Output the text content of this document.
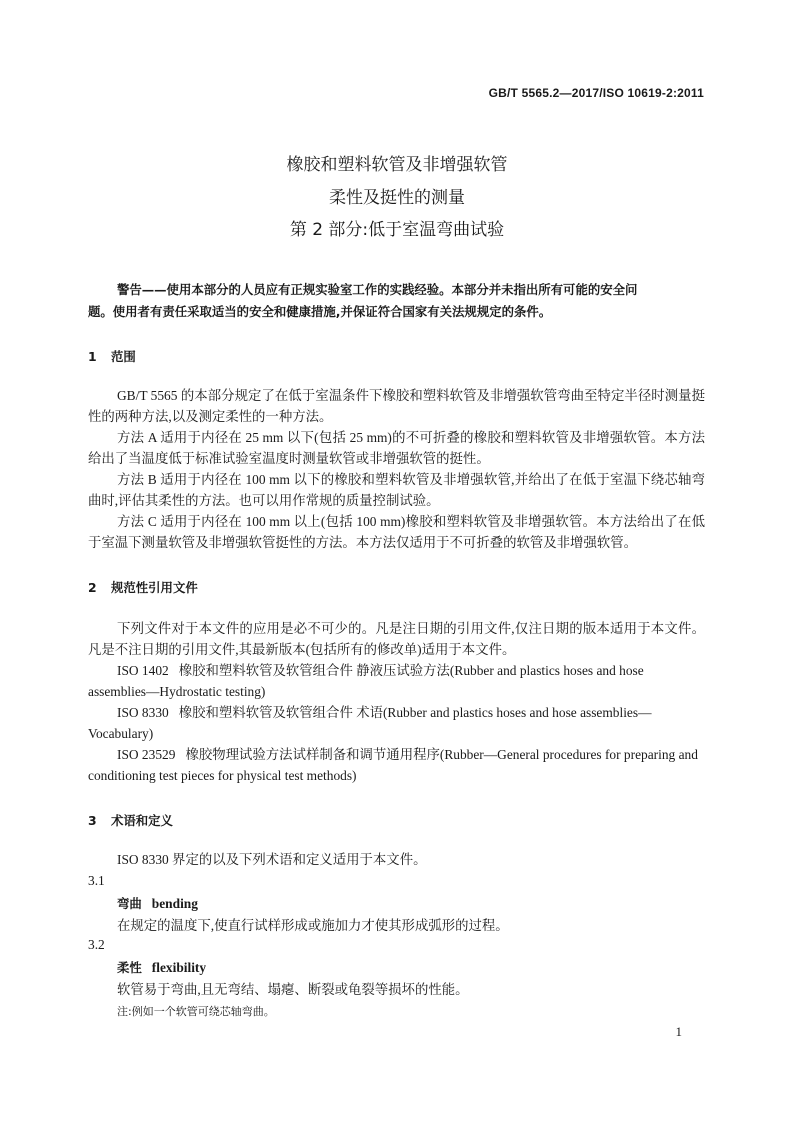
GB/T 5565.2—2017/ISO 10619-2:2011
橡胶和塑料软管及非增强软管
柔性及挺性的测量
第 2 部分:低于室温弯曲试验
警告——使用本部分的人员应有正规实验室工作的实践经验。本部分并未指出所有可能的安全问
题。使用者有责任采取适当的安全和健康措施,并保证符合国家有关法规规定的条件。
1 范围
GB/T 5565 的本部分规定了在低于室温条件下橡胶和塑料软管及非增强软管弯曲至特定半径时测量挺性的两种方法,以及测定柔性的一种方法。
方法 A 适用于内径在 25 mm 以下(包括 25 mm)的不可折叠的橡胶和塑料软管及非增强软管。本方法给出了当温度低于标准试验室温度时测量软管或非增强软管的挺性。
方法 B 适用于内径在 100 mm 以下的橡胶和塑料软管及非增强软管,并给出了在低于室温下绕芯轴弯曲时,评估其柔性的方法。也可以用作常规的质量控制试验。
方法 C 适用于内径在 100 mm 以上(包括 100 mm)橡胶和塑料软管及非增强软管。本方法给出了在低于室温下测量软管及非增强软管挺性的方法。本方法仅适用于不可折叠的软管及非增强软管。
2 规范性引用文件
下列文件对于本文件的应用是必不可少的。凡是注日期的引用文件,仅注日期的版本适用于本文件。凡是不注日期的引用文件,其最新版本(包括所有的修改单)适用于本文件。
ISO 1402 橡胶和塑料软管及软管组合件 静液压试验方法(Rubber and plastics hoses and hose assemblies—Hydrostatic testing)
ISO 8330 橡胶和塑料软管及软管组合件 术语(Rubber and plastics hoses and hose assemblies—Vocabulary)
ISO 23529 橡胶物理试验方法试样制备和调节通用程序(Rubber—General procedures for preparing and conditioning test pieces for physical test methods)
3 术语和定义
ISO 8330 界定的以及下列术语和定义适用于本文件。
3.1
弯曲 bending
在规定的温度下,使直行试样形成或施加力才使其形成弧形的过程。
3.2
柔性 flexibility
软管易于弯曲,且无弯结、塌瘪、断裂或龟裂等损坏的性能。
注:例如一个软管可绕芯轴弯曲。
1
